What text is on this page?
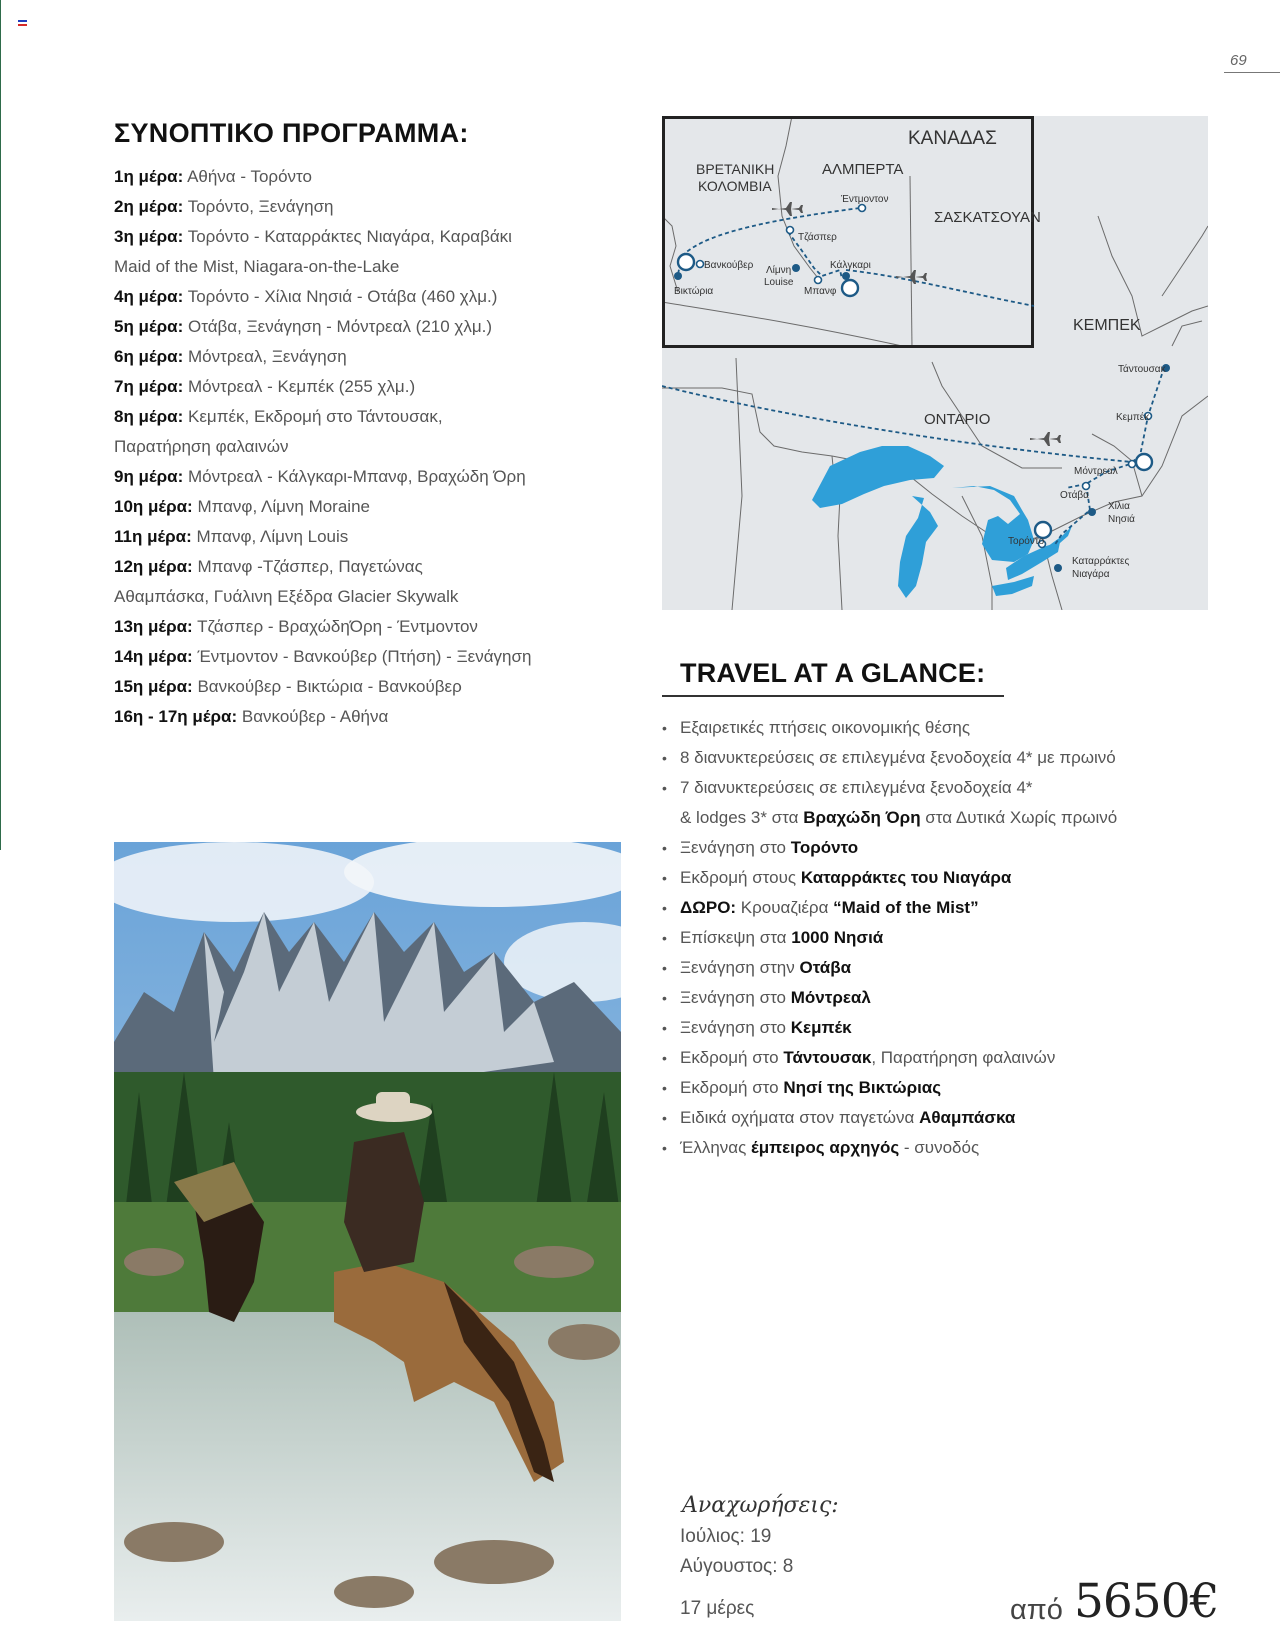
69
ΣΥΝΟΠΤΙΚΟ ΠΡΟΓΡΑΜΜΑ:
1η μέρα: Αθήνα - Τορόντο
2η μέρα: Τορόντο, Ξενάγηση
3η μέρα: Τορόντο - Καταρράκτες Νιαγάρα, Καραβάκι
Maid of the Mist, Niagara-on-the-Lake
4η μέρα: Τορόντο - Χίλια Νησιά - Οτάβα (460 χλμ.)
5η μέρα: Οτάβα, Ξενάγηση - Μόντρεαλ (210 χλμ.)
6η μέρα: Μόντρεαλ, Ξενάγηση
7η μέρα: Μόντρεαλ - Κεμπέκ (255 χλμ.)
8η μέρα: Κεμπέκ, Εκδρομή στο Τάντουσακ,
Παρατήρηση φαλαινών
9η μέρα: Μόντρεαλ - Κάλγκαρι-Μπανφ, Βραχώδη Όρη
10η μέρα: Μπανφ, Λίμνη Moraine
11η μέρα: Μπανφ, Λίμνη Louis
12η μέρα: Μπανφ -Τζάσπερ, Παγετώνας
Αθαμπάσκα, Γυάλινη Εξέδρα Glacier Skywalk
13η μέρα: Τζάσπερ - ΒραχώδηΌρη - Έντμοντον
14η μέρα: Έντμοντον - Βανκούβερ (Πτήση) - Ξενάγηση
15η μέρα: Βανκούβερ - Βικτώρια - Βανκούβερ
16η - 17η μέρα: Βανκούβερ - Αθήνα
ΚΑΝΑΔΑΣ
ΒΡΕΤΑΝΙΚΗ
ΚΟΛΟΜΒΙΑ
ΑΛΜΠΕΡΤΑ
ΣΑΣΚΑΤΣΟΥΑΝ
ΚΕΜΠΕΚ
ΟΝΤΑΡΙΟ
Έντμοντον
Τζάσπερ
Βανκούβερ
Βικτώρια
Λίμνη
Louise
Μπανφ
Κάλγκαρι
Τάντουσακ
Κεμπέκ
Μόντρεαλ
Οτάβα
Χίλια
Νησιά
Τορόντο
Καταρράκτες
Νιαγάρα
TRAVEL AT A GLANCE:
• Εξαιρετικές πτήσεις οικονομικής θέσης
• 8 διανυκτερεύσεις σε επιλεγμένα ξενοδοχεία 4* με πρωινό
• 7 διανυκτερεύσεις σε επιλεγμένα ξενοδοχεία 4*
& lodges 3* στα Βραχώδη Όρη στα Δυτικά Χωρίς πρωινό
• Ξενάγηση στο Τορόντο
• Εκδρομή στους Καταρράκτες του Νιαγάρα
• ΔΩΡΟ: Κρουαζιέρα “Maid of the Mist”
• Επίσκεψη στα 1000 Νησιά
• Ξενάγηση στην Οτάβα
• Ξενάγηση στο Μόντρεαλ
• Ξενάγηση στο Κεμπέκ
• Εκδρομή στο Τάντουσακ, Παρατήρηση φαλαινών
• Εκδρομή στο Νησί της Βικτώριας
• Ειδικά οχήματα στον παγετώνα Αθαμπάσκα
• Έλληνας έμπειρος αρχηγός - συνοδός
Αναχωρήσεις:
Ιούλιος: 19
Αύγουστος: 8
17 μέρες	από 5650€
